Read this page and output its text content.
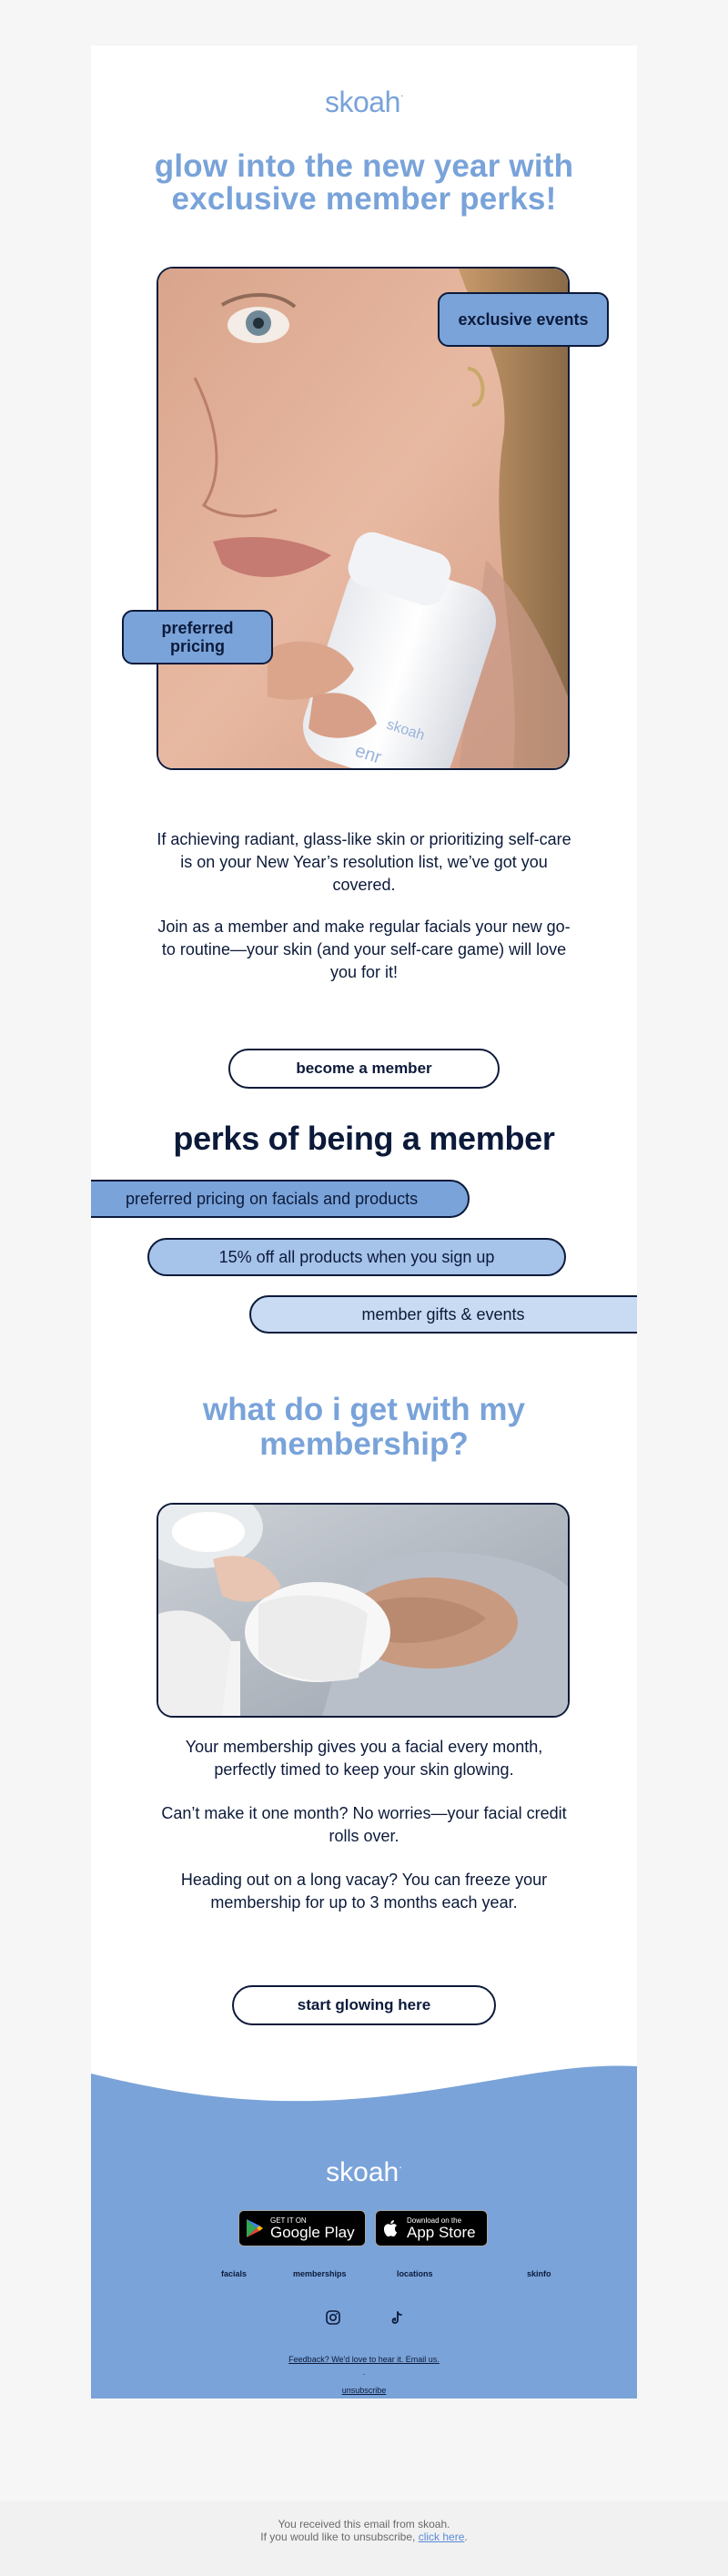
skoah.
glow into the new year with exclusive member perks!
skoah
enr
exclusive events
preferred pricing
If achieving radiant, glass-like skin or prioritizing self-care is on your New Year’s resolution list, we’ve got you covered.
Join as a member and make regular facials your new go-to routine—your skin (and your self-care game) will love you for it!
become a member
perks of being a member
preferred pricing on facials and products
15% off all products when you sign up
member gifts & events
what do i get with my membership?
Your membership gives you a facial every month, perfectly timed to keep your skin glowing.
Can’t make it one month? No worries—your facial credit rolls over.
Heading out on a long vacay? You can freeze your membership for up to 3 months each year.
start glowing here
skoah.
GET IT ON
Google Play
Download on the
App Store
facials	memberships	locations	skinfo
Feedback? We'd love to hear it. Email us.
.
unsubscribe
You received this email from skoah.
If you would like to unsubscribe, click here.
